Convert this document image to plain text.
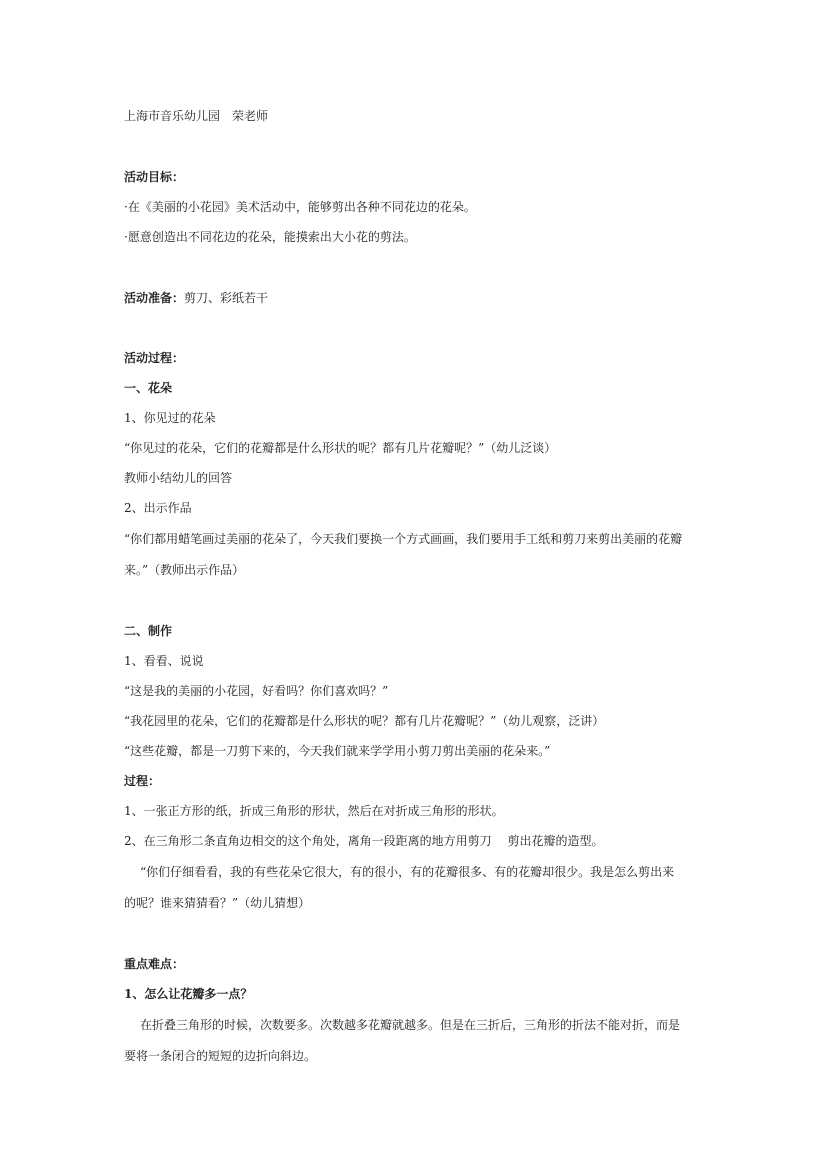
上海市音乐幼儿园　荣老师
活动目标：
·在《美丽的小花园》美术活动中，能够剪出各种不同花边的花朵。
·愿意创造出不同花边的花朵，能摸索出大小花的剪法。
活动准备：剪刀、彩纸若干
活动过程：
一、花朵
1、你见过的花朵
“你见过的花朵，它们的花瓣都是什么形状的呢？都有几片花瓣呢？”（幼儿泛谈）
教师小结幼儿的回答
2、出示作品
“你们都用蜡笔画过美丽的花朵了，今天我们要换一个方式画画，我们要用手工纸和剪刀来剪出美丽的花瓣
来。”（教师出示作品）
二、制作
1、看看、说说
“这是我的美丽的小花园，好看吗？你们喜欢吗？”
“我花园里的花朵，它们的花瓣都是什么形状的呢？都有几片花瓣呢？”（幼儿观察，泛讲）
“这些花瓣，都是一刀剪下来的，今天我们就来学学用小剪刀剪出美丽的花朵来。”
过程：
1、一张正方形的纸，折成三角形的形状，然后在对折成三角形的形状。
2、在三角形二条直角边相交的这个角处，离角一段距离的地方用剪刀　 剪出花瓣的造型。
“你们仔细看看，我的有些花朵它很大，有的很小，有的花瓣很多、有的花瓣却很少。我是怎么剪出来
的呢？谁来猜猜看？”（幼儿猜想）
重点难点：
1、怎么让花瓣多一点？
在折叠三角形的时候，次数要多。次数越多花瓣就越多。但是在三折后，三角形的折法不能对折，而是
要将一条闭合的短短的边折向斜边。
